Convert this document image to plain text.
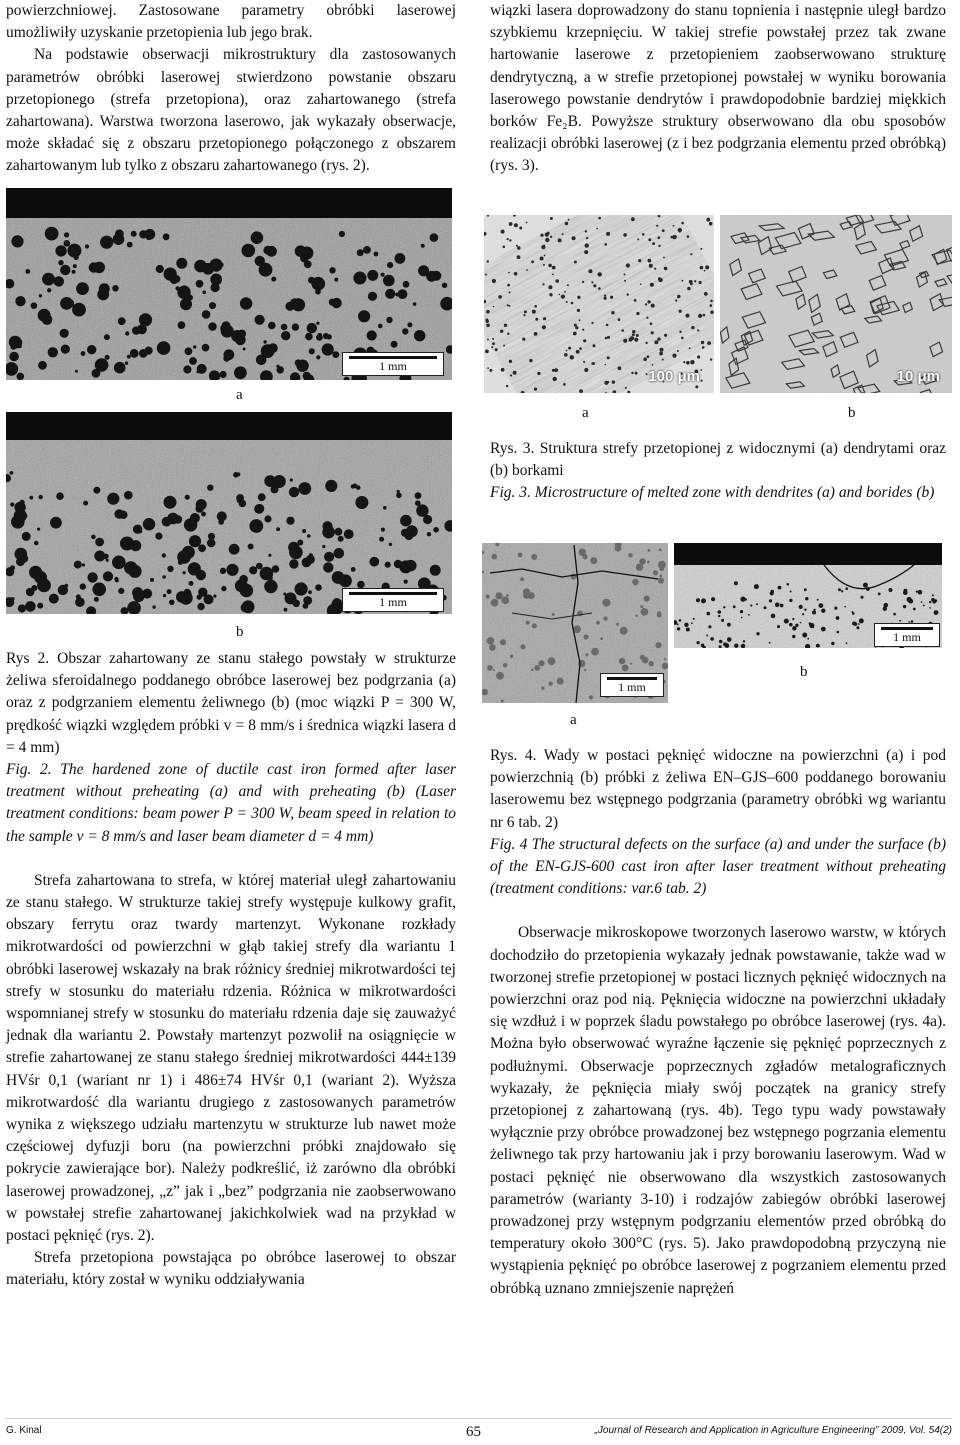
powierzchniowej. Zastosowane parametry obróbki laserowej umożliwiły uzyskanie przetopienia lub jego brak.

Na podstawie obserwacji mikrostruktury dla zastosowanych parametrów obróbki laserowej stwierdzono powstanie obszaru przetopionego (strefa przetopiona), oraz zahartowanego (strefa zahartowana). Warstwa tworzona laserowo, jak wykazały obserwacje, może składać się z obszaru przetopionego połączonego z obszarem zahartowanym lub tylko z obszaru zahartowanego (rys. 2).

1 mm
a
1 mm
b

Rys 2. Obszar zahartowany ze stanu stałego powstały w strukturze żeliwa sferoidalnego poddanego obróbce laserowej bez podgrzania (a) oraz z podgrzaniem elementu żeliwnego (b) (moc wiązki P = 300 W, prędkość wiązki względem próbki v = 8 mm/s i średnica wiązki lasera d = 4 mm)

Fig. 2. The hardened zone of ductile cast iron formed after laser treatment without preheating (a) and with preheating (b) (Laser treatment conditions: beam power P = 300 W, beam speed in relation to the sample v = 8 mm/s and laser beam diameter d = 4 mm)

Strefa zahartowana to strefa, w której materiał uległ zahartowaniu ze stanu stałego. W strukturze takiej strefy występuje kulkowy grafit, obszary ferrytu oraz twardy martenzyt. Wykonane rozkłady mikrotwardości od powierzchni w głąb takiej strefy dla wariantu 1 obróbki laserowej wskazały na brak różnicy średniej mikrotwardości tej strefy w stosunku do materiału rdzenia. Różnica w mikrotwardości wspomnianej strefy w stosunku do materiału rdzenia daje się zauważyć jednak dla wariantu 2. Powstały martenzyt pozwolił na osiągnięcie w strefie zahartowanej ze stanu stałego średniej mikrotwardości 444±139 HVśr 0,1 (wariant nr 1) i 486±74 HVśr 0,1 (wariant 2). Wyższa mikrotwardość dla wariantu drugiego z zastosowanych parametrów wynika z większego udziału martenzytu w strukturze lub nawet może częściowej dyfuzji boru (na powierzchni próbki znajdowało się pokrycie zawierające bor). Należy podkreślić, iż zarówno dla obróbki laserowej prowadzonej, „z” jak i „bez” podgrzania nie zaobserwowano w powstałej strefie zahartowanej jakichkolwiek wad na przykład w postaci pęknięć (rys. 2).

Strefa przetopiona powstająca po obróbce laserowej to obszar materiału, który został w wyniku oddziaływania

wiązki lasera doprowadzony do stanu topnienia i następnie uległ bardzo szybkiemu krzepnięciu. W takiej strefie powstałej przez tak zwane hartowanie laserowe z przetopieniem zaobserwowano strukturę dendrytyczną, a w strefie przetopionej powstałej w wyniku borowania laserowego powstanie dendrytów i prawdopodobnie bardziej miękkich borków Fe₂B. Powyższe struktury obserwowano dla obu sposobów realizacji obróbki laserowej (z i bez podgrzania elementu przed obróbką) (rys. 3).

100 μm
a
10 μm
b

Rys. 3. Struktura strefy przetopionej z widocznymi (a) dendrytami oraz (b) borkami

Fig. 3. Microstructure of melted zone with dendrites (a) and borides (b)

1 mm
a
1 mm
b

Rys. 4. Wady w postaci pęknięć widoczne na powierzchni (a) i pod powierzchnią (b) próbki z żeliwa EN–GJS–600 poddanego borowaniu laserowemu bez wstępnego podgrzania (parametry obróbki wg wariantu nr 6 tab. 2)

Fig. 4 The structural defects on the surface (a) and under the surface (b) of the EN-GJS-600 cast iron after laser treatment without preheating (treatment conditions: var.6 tab. 2)

Obserwacje mikroskopowe tworzonych laserowo warstw, w których dochodziło do przetopienia wykazały jednak powstawanie, także wad w tworzonej strefie przetopionej w postaci licznych pęknięć widocznych na powierzchni oraz pod nią. Pęknięcia widoczne na powierzchni układały się wzdłuż i w poprzek śladu powstałego po obróbce laserowej (rys. 4a). Można było obserwować wyraźne łączenie się pęknięć poprzecznych z podłużnymi. Obserwacje poprzecznych zgładów metalograficznych wykazały, że pęknięcia miały swój początek na granicy strefy przetopionej z zahartowaną (rys. 4b). Tego typu wady powstawały wyłącznie przy obróbce prowadzonej bez wstępnego pogrzania elementu żeliwnego tak przy hartowaniu jak i przy borowaniu laserowym. Wad w postaci pęknięć nie obserwowano dla wszystkich zastosowanych parametrów (warianty 3-10) i rodzajów zabiegów obróbki laserowej prowadzonej przy wstępnym podgrzaniu elementów przed obróbką do temperatury około 300°C (rys. 5). Jako prawdopodobną przyczyną nie wystąpienia pęknięć po obróbce laserowej z pogrzaniem elementu przed obróbką uznano zmniejszenie naprężeń

G. Kinal	65	„Journal of Research and Application in Agriculture Engineering” 2009, Vol. 54(2)
